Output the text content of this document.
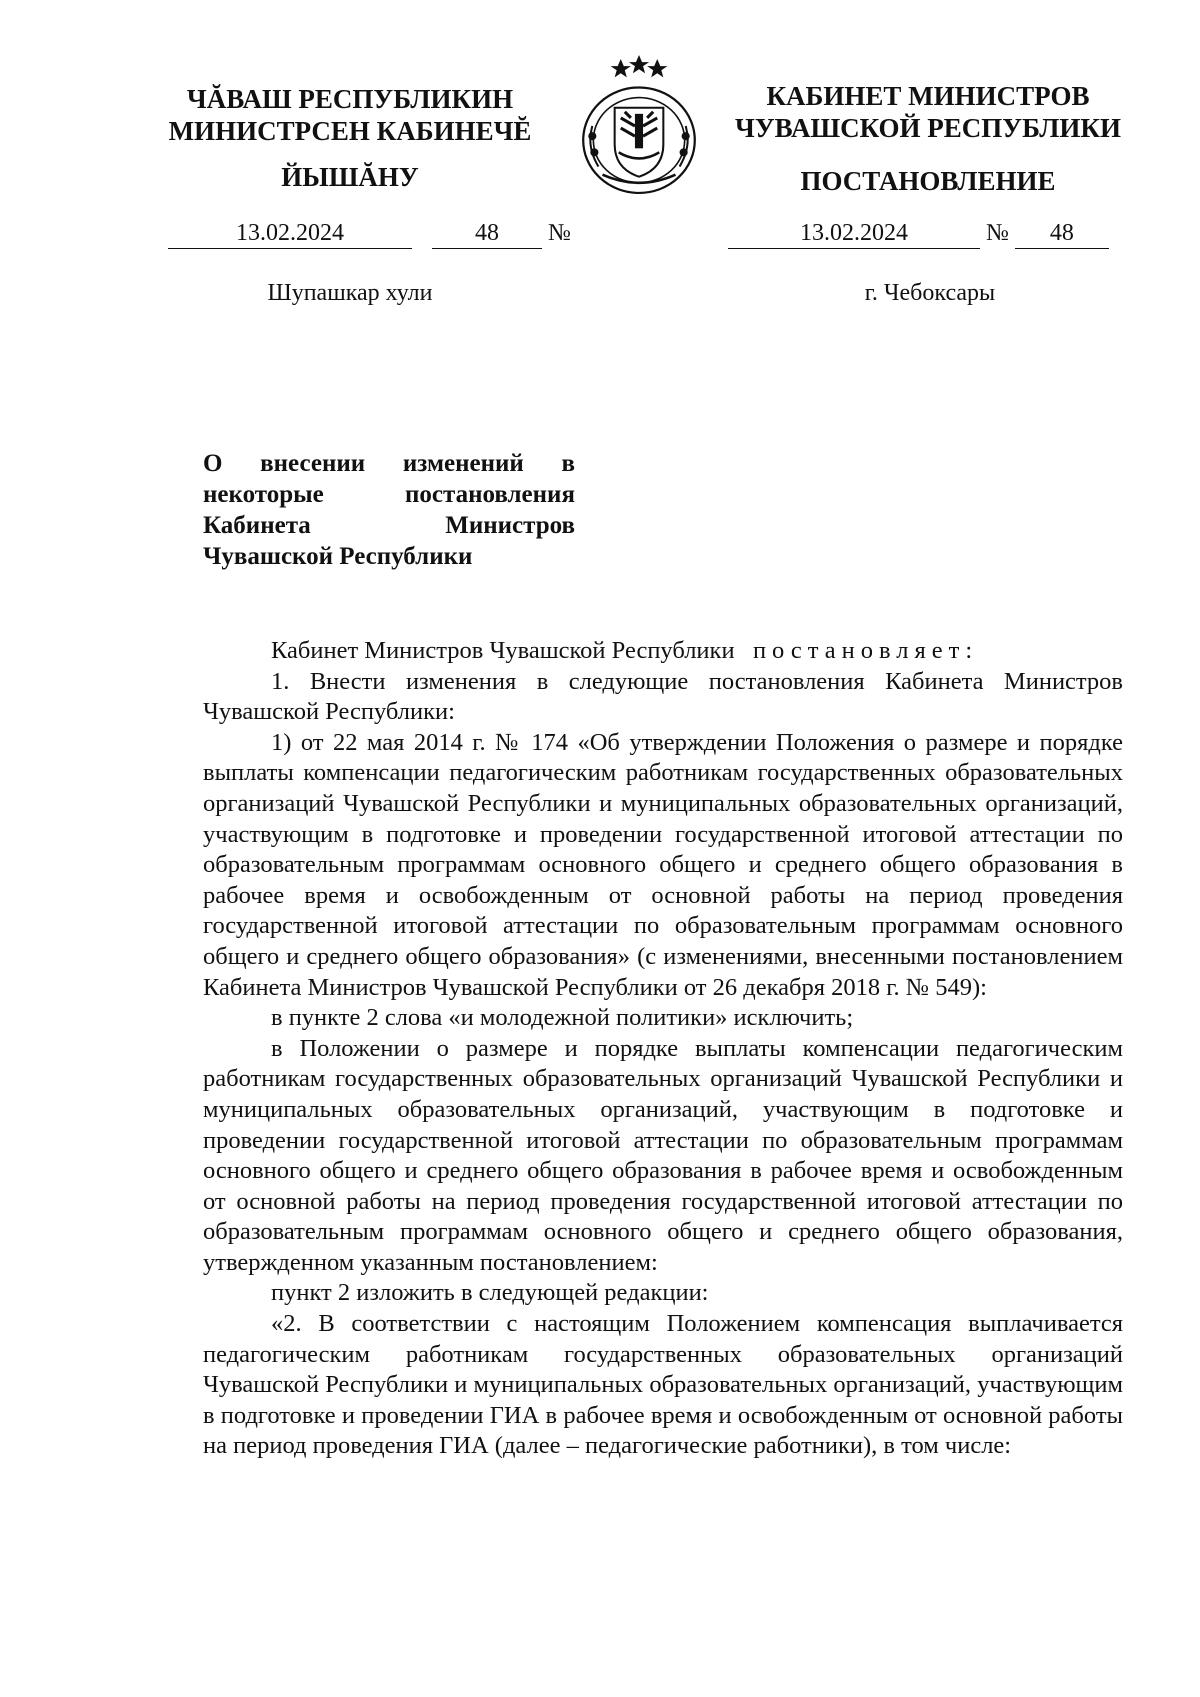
ЧĂВАШ РЕСПУБЛИКИН
МИНИСТРСЕН КАБИНЕЧĔ
ЙЫШĂНУ
КАБИНЕТ МИНИСТРОВ
ЧУВАШСКОЙ РЕСПУБЛИКИ
ПОСТАНОВЛЕНИЕ
13.02.2024	48 №	13.02.2024	№ 48
Шупашкар хули	г. Чебоксары
О внесении изменений в некоторые постановления Кабинета Министров Чувашской Республики

Кабинет Министров Чувашской Республики постановляет:

1. Внести изменения в следующие постановления Кабинета Министров Чувашской Республики:

1) от 22 мая 2014 г. № 174 «Об утверждении Положения о размере и порядке выплаты компенсации педагогическим работникам государственных образовательных организаций Чувашской Республики и муниципальных образовательных организаций, участвующим в подготовке и проведении государственной итоговой аттестации по образовательным программам основного общего и среднего общего образования в рабочее время и освобожденным от основной работы на период проведения государственной итоговой аттестации по образовательным программам основного общего и среднего общего образования» (с изменениями, внесенными постановлением Кабинета Министров Чувашской Республики от 26 декабря 2018 г. № 549):

в пункте 2 слова «и молодежной политики» исключить;

в Положении о размере и порядке выплаты компенсации педагогическим работникам государственных образовательных организаций Чувашской Республики и муниципальных образовательных организаций, участвующим в подготовке и проведении государственной итоговой аттестации по образовательным программам основного общего и среднего общего образования в рабочее время и освобожденным от основной работы на период проведения государственной итоговой аттестации по образовательным программам основного общего и среднего общего образования, утвержденном указанным постановлением:

пункт 2 изложить в следующей редакции:

«2. В соответствии с настоящим Положением компенсация выплачивается педагогическим работникам государственных образовательных организаций Чувашской Республики и муниципальных образовательных организаций, участвующим в подготовке и проведении ГИА в рабочее время и освобожденным от основной работы на период проведения ГИА (далее – педагогические работники), в том числе:
